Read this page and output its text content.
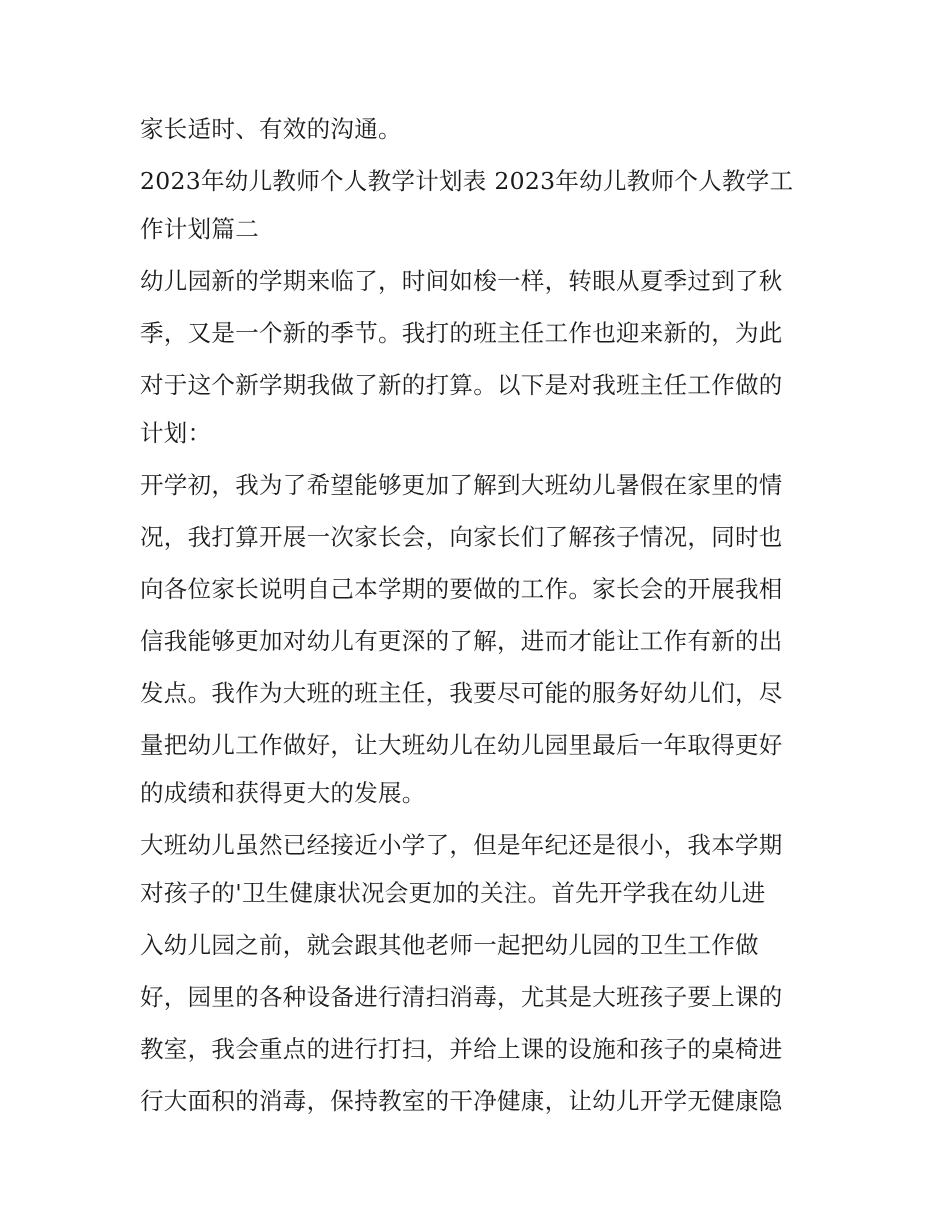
家长适时、有效的沟通。
2023年幼儿教师个人教学计划表 2023年幼儿教师个人教学工
作计划篇二
幼儿园新的学期来临了，时间如梭一样，转眼从夏季过到了秋
季，又是一个新的季节。我打的班主任工作也迎来新的，为此
对于这个新学期我做了新的打算。以下是对我班主任工作做的
计划：
开学初，我为了希望能够更加了解到大班幼儿暑假在家里的情
况，我打算开展一次家长会，向家长们了解孩子情况，同时也
向各位家长说明自己本学期的要做的工作。家长会的开展我相
信我能够更加对幼儿有更深的了解，进而才能让工作有新的出
发点。我作为大班的班主任，我要尽可能的服务好幼儿们，尽
量把幼儿工作做好，让大班幼儿在幼儿园里最后一年取得更好
的成绩和获得更大的发展。
大班幼儿虽然已经接近小学了，但是年纪还是很小，我本学期
对孩子的'卫生健康状况会更加的关注。首先开学我在幼儿进
入幼儿园之前，就会跟其他老师一起把幼儿园的卫生工作做
好，园里的各种设备进行清扫消毒，尤其是大班孩子要上课的
教室，我会重点的进行打扫，并给上课的设施和孩子的桌椅进
行大面积的消毒，保持教室的干净健康，让幼儿开学无健康隐
